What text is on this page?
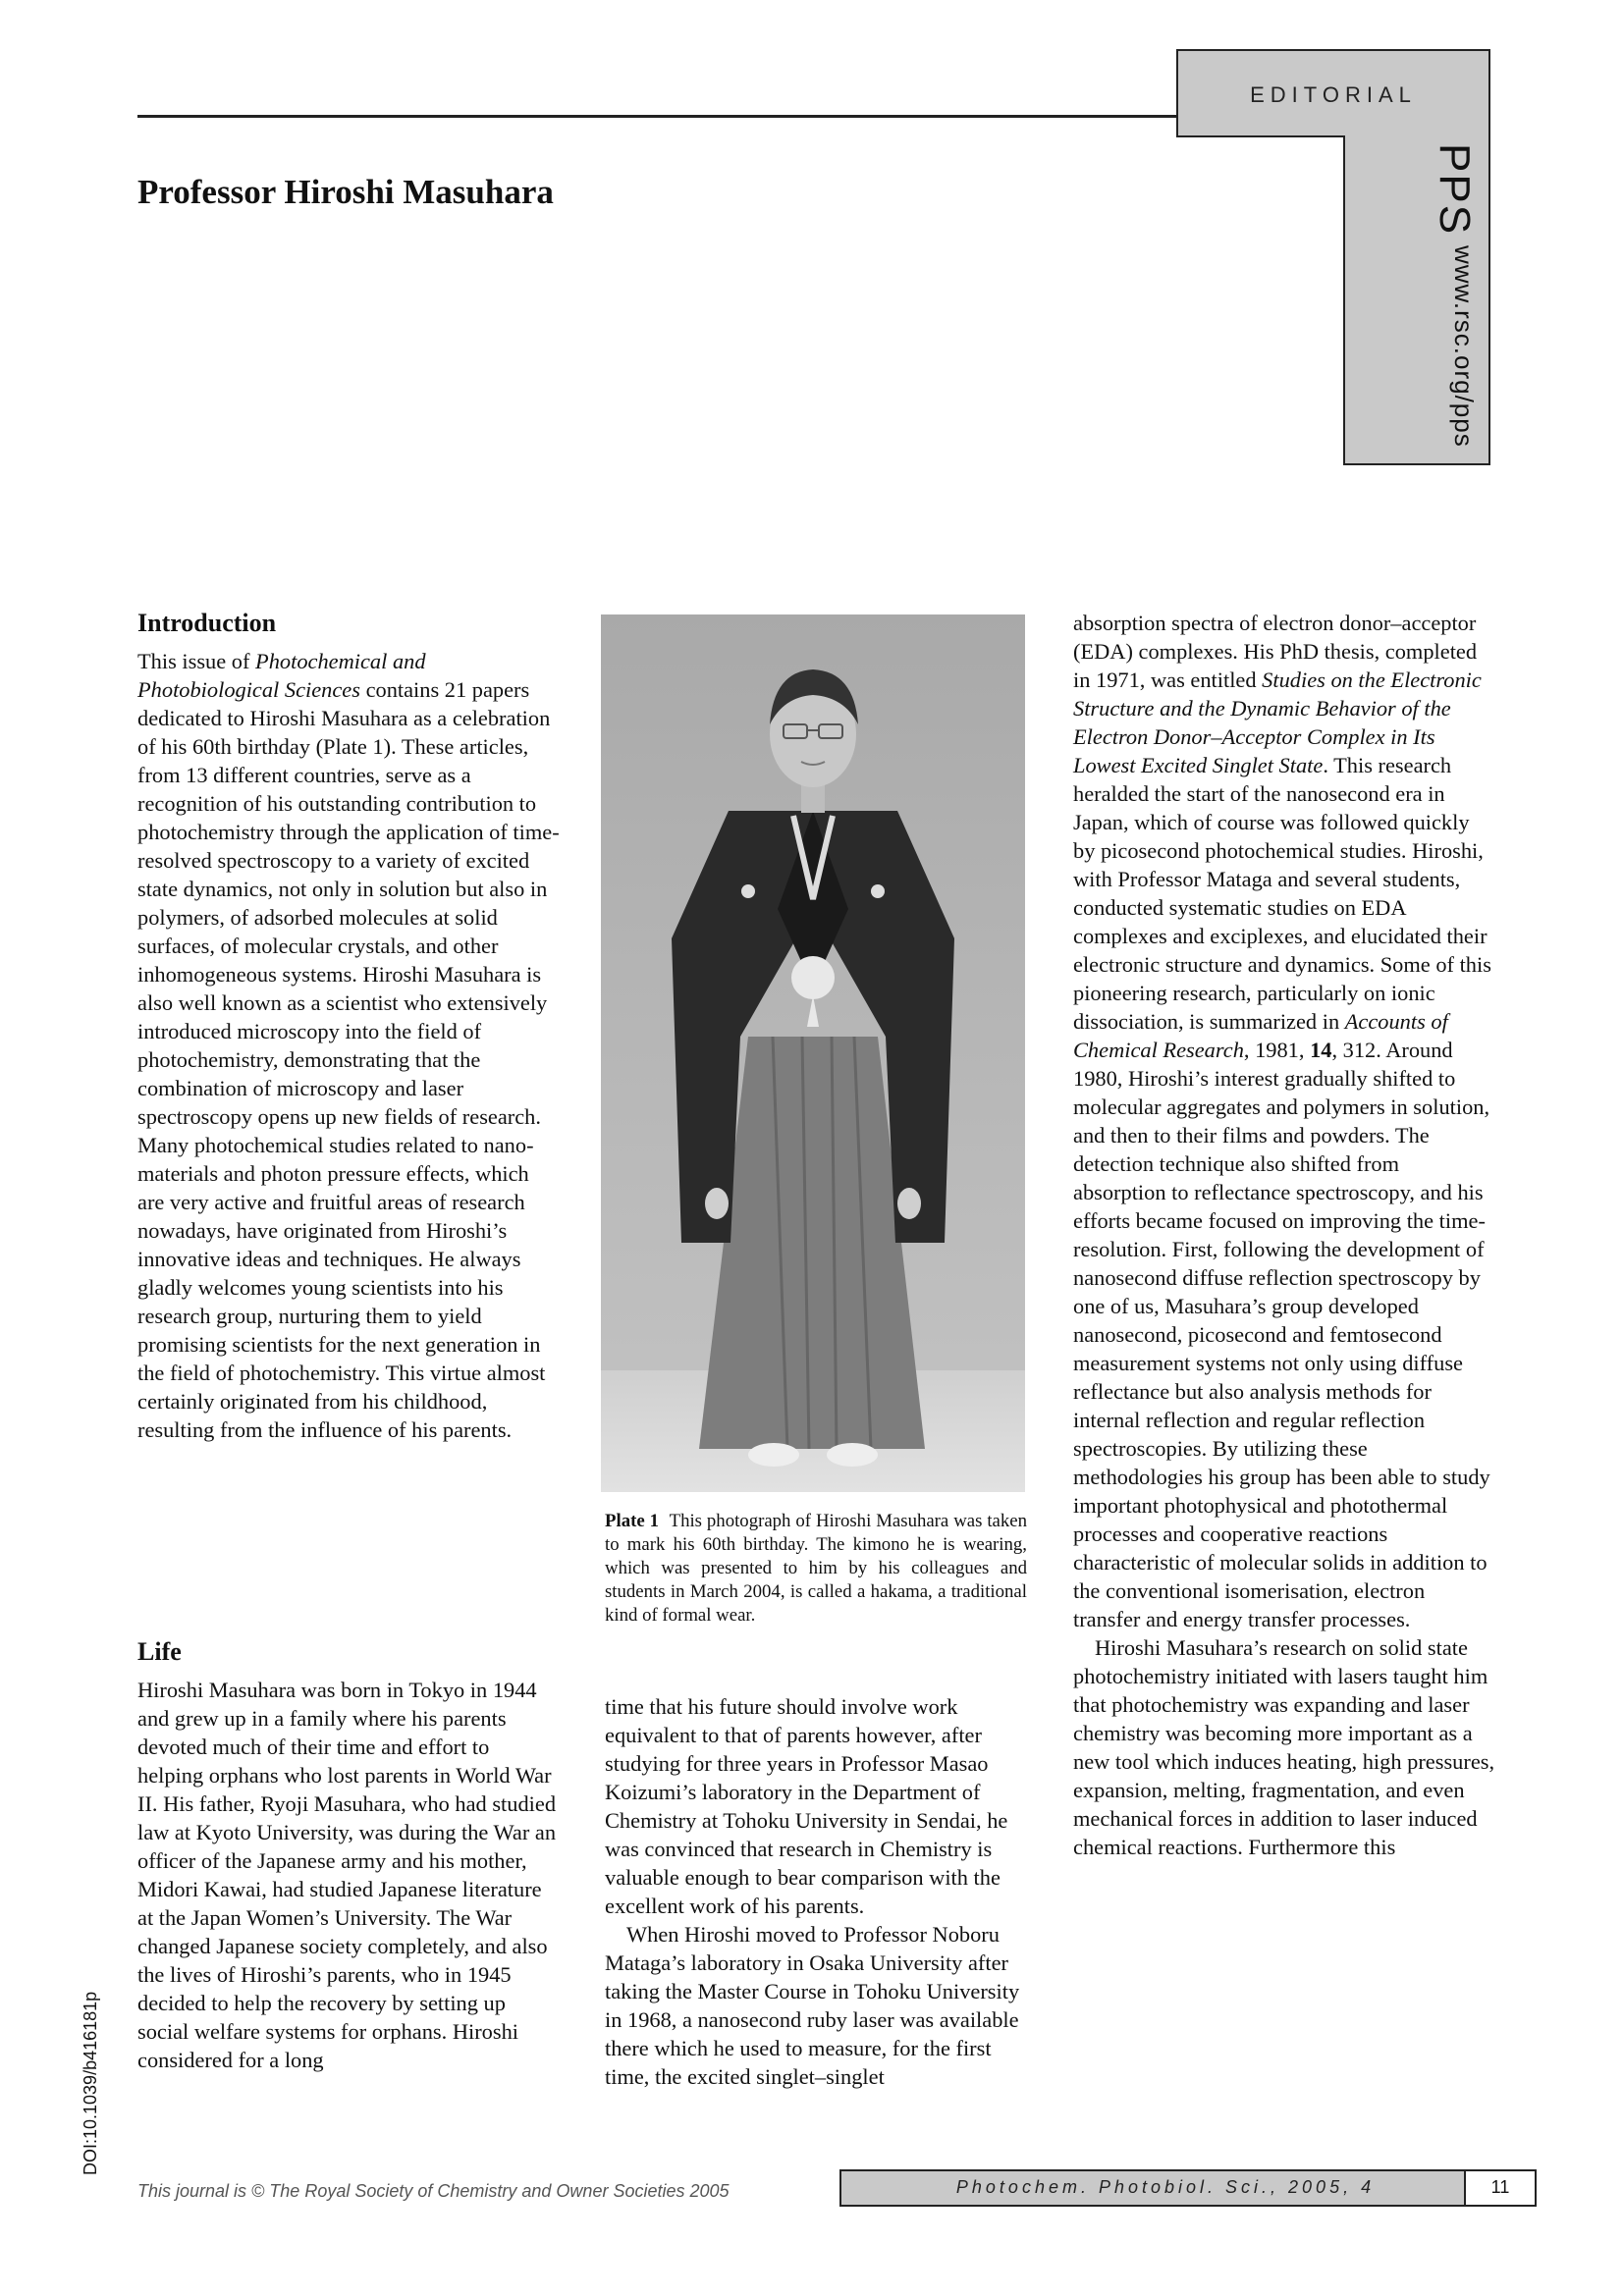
EDITORIAL
PPS
www.rsc.org/pps
Professor Hiroshi Masuhara
Introduction

This issue of Photochemical and Photobiological Sciences contains 21 papers dedicated to Hiroshi Masuhara as a celebration of his 60th birthday (Plate 1). These articles, from 13 different countries, serve as a recognition of his outstanding contribution to photochemistry through the application of time-resolved spectroscopy to a variety of excited state dynamics, not only in solution but also in polymers, of adsorbed molecules at solid surfaces, of molecular crystals, and other inhomogeneous systems. Hiroshi Masuhara is also well known as a scientist who extensively introduced microscopy into the field of photochemistry, demonstrating that the combination of microscopy and laser spectroscopy opens up new fields of research. Many photochemical studies related to nano-materials and photon pressure effects, which are very active and fruitful areas of research nowadays, have originated from Hiroshi’s innovative ideas and techniques. He always gladly welcomes young scientists into his research group, nurturing them to yield promising scientists for the next generation in the field of photochemistry. This virtue almost certainly originated from his childhood, resulting from the influence of his parents.

Plate 1 This photograph of Hiroshi Masuhara was taken to mark his 60th birthday. The kimono he is wearing, which was presented to him by his colleagues and students in March 2004, is called a hakama, a traditional kind of formal wear.
Life

Hiroshi Masuhara was born in Tokyo in 1944 and grew up in a family where his parents devoted much of their time and effort to helping orphans who lost parents in World War II. His father, Ryoji Masuhara, who had studied law at Kyoto University, was during the War an officer of the Japanese army and his mother, Midori Kawai, had studied Japanese literature at the Japan Women’s University. The War changed Japanese society completely, and also the lives of Hiroshi’s parents, who in 1945 decided to help the recovery by setting up social welfare systems for orphans. Hiroshi considered for a long

time that his future should involve work equivalent to that of parents however, after studying for three years in Professor Masao Koizumi’s laboratory in the Department of Chemistry at Tohoku University in Sendai, he was convinced that research in Chemistry is valuable enough to bear comparison with the excellent work of his parents.

When Hiroshi moved to Professor Noboru Mataga’s laboratory in Osaka University after taking the Master Course in Tohoku University in 1968, a nanosecond ruby laser was available there which he used to measure, for the first time, the excited singlet–singlet

absorption spectra of electron donor–acceptor (EDA) complexes. His PhD thesis, completed in 1971, was entitled Studies on the Electronic Structure and the Dynamic Behavior of the Electron Donor–Acceptor Complex in Its Lowest Excited Singlet State. This research heralded the start of the nanosecond era in Japan, which of course was followed quickly by picosecond photochemical studies. Hiroshi, with Professor Mataga and several students, conducted systematic studies on EDA complexes and exciplexes, and elucidated their electronic structure and dynamics. Some of this pioneering research, particularly on ionic dissociation, is summarized in Accounts of Chemical Research, 1981, 14, 312. Around 1980, Hiroshi’s interest gradually shifted to molecular aggregates and polymers in solution, and then to their films and powders. The detection technique also shifted from absorption to reflectance spectroscopy, and his efforts became focused on improving the time-resolution. First, following the development of nanosecond diffuse reflection spectroscopy by one of us, Masuhara’s group developed nanosecond, picosecond and femtosecond measurement systems not only using diffuse reflectance but also analysis methods for internal reflection and regular reflection spectroscopies. By utilizing these methodologies his group has been able to study important photophysical and photothermal processes and cooperative reactions characteristic of molecular solids in addition to the conventional isomerisation, electron transfer and energy transfer processes.

Hiroshi Masuhara’s research on solid state photochemistry initiated with lasers taught him that photochemistry was expanding and laser chemistry was becoming more important as a new tool which induces heating, high pressures, expansion, melting, fragmentation, and even mechanical forces in addition to laser induced chemical reactions. Furthermore this

DOI:10.1039/b416181p
This journal is © The Royal Society of Chemistry and Owner Societies 2005	Photochem. Photobiol. Sci., 2005, 4	11
